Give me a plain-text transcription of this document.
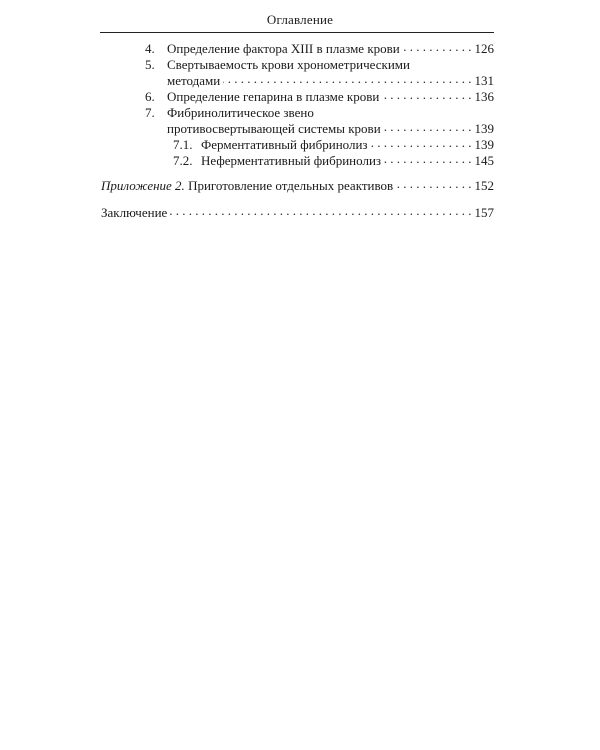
Оглавление
4. Определение фактора XIII в плазме крови . . .	126
5. Свертываемость крови хронометрическими
методами . . .	131
6. Определение гепарина в плазме крови . . .	136
7. Фибринолитическое звено
противосвертывающей системы крови . . .	139
7.1. Ферментативный фибринолиз . . .	139
7.2. Неферментативный фибринолиз . . .	145
Приложение 2. Приготовление отдельных реактивов . . .	152
Заключение . . .	157
